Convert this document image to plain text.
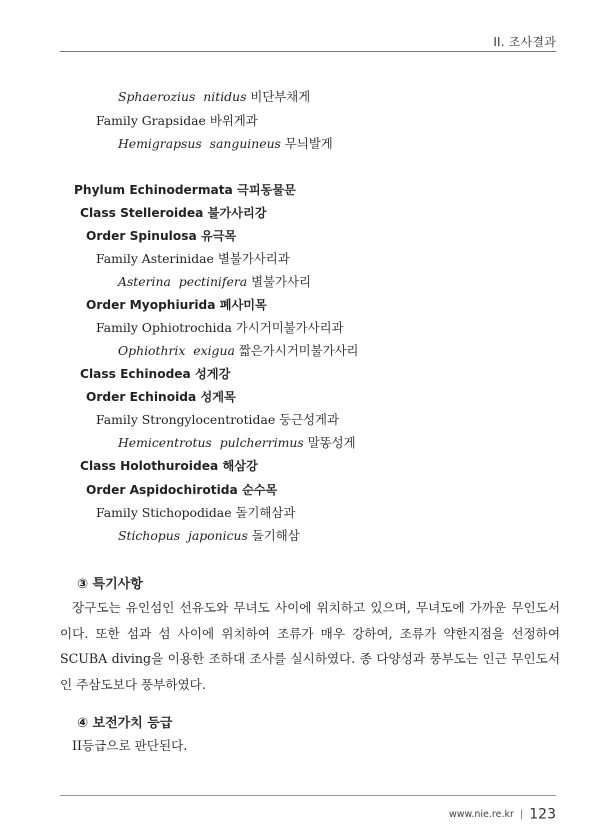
II. 조사결과
Sphaerozius nitidus 비단부채게
Family Grapsidae 바위게과
Hemigrapsus sanguineus 무늬발게
Phylum Echinodermata 극피동물문
Class Stelleroidea 불가사리강
Order Spinulosa 유극목
Family Asterinidae 별불가사리과
Asterina pectinifera 별불가사리
Order Myophiurida 폐사미목
Family Ophiotrochida 가시거미불가사리과
Ophiothrix exigua 짧은가시거미불가사리
Class Echinodea 성게강
Order Echinoida 성게목
Family Strongylocentrotidae 둥근성게과
Hemicentrotus pulcherrimus 말똥성게
Class Holothuroidea 해삼강
Order Aspidochirotida 순수목
Family Stichopodidae 돌기해삼과
Stichopus japonicus 돌기해삼
③ 특기사항
장구도는 유인섬인 선유도와 무녀도 사이에 위치하고 있으며, 무녀도에 가까운 무인도서이다. 또한 섬과 섬 사이에 위치하여 조류가 매우 강하여, 조류가 약한지점을 선정하여 SCUBA diving을 이용한 조하대 조사를 실시하였다. 종 다양성과 풍부도는 인근 무인도서인 주삼도보다 풍부하였다.
④ 보전가치 등급
II등급으로 판단된다.
www.nie.re.kr | 123
